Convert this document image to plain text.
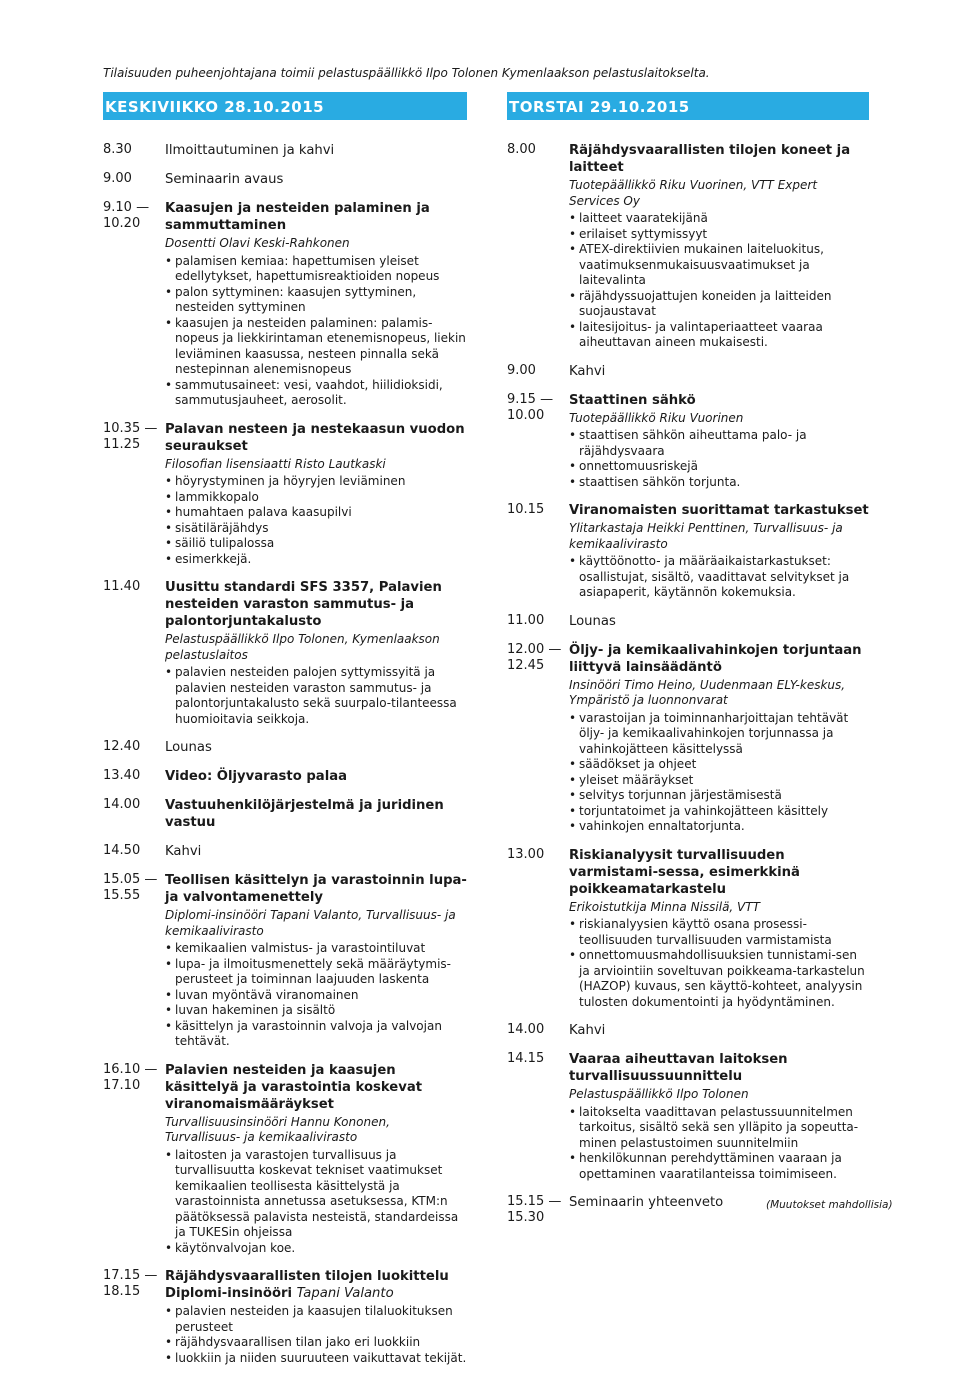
Tilaisuuden puheenjohtajana toimii pelastuspäällikkö Ilpo Tolonen Kymenlaakson pelastuslaitokselta.
KESKIVIIKKO 28.10.2015
8.30	Ilmoittautuminen ja kahvi
9.00	Seminaarin avaus
9.10 — 10.20
Kaasujen ja nesteiden palaminen ja sammuttaminen
Dosentti Olavi Keski-Rahkonen
• palamisen kemiaa: hapettumisen yleiset edellytykset, hapettumisreaktioiden nopeus
• palon syttyminen: kaasujen syttyminen, nesteiden syttyminen
• kaasujen ja nesteiden palaminen: palamis-nopeus ja liekkirintaman etenemisnopeus, liekin leviäminen kaasussa, nesteen pinnalla sekä nestepinnan alenemisnopeus
• sammutusaineet: vesi, vaahdot, hiilidioksidi, sammutusjauheet, aerosolit.
10.35 — 11.25
Palavan nesteen ja nestekaasun vuodon seuraukset
Filosofian lisensiaatti Risto Lautkaski
• höyrystyminen ja höyryjen leviäminen
• lammikkopalo
• humahtaen palava kaasupilvi
• sisätiläräjähdys
• säiliö tulipalossa
• esimerkkejä.
11.40	Uusittu standardi SFS 3357, Palavien nesteiden varaston sammutus- ja palontorjuntakalusto
Pelastuspäällikkö Ilpo Tolonen, Kymenlaakson pelastuslaitos
• palavien nesteiden palojen syttymissyitä ja palavien nesteiden varaston sammutus- ja palontorjuntakalusto sekä suurpalo-tilanteessa huomioitavia seikkoja.
12.40	Lounas
13.40	Video: Öljyvarasto palaa
14.00	Vastuuhenkilöjärjestelmä ja juridinen vastuu
14.50	Kahvi
15.05 — 15.55
Teollisen käsittelyn ja varastoinnin lupa- ja valvontamenettely
Diplomi-insinööri Tapani Valanto, Turvallisuus- ja kemikaalivirasto
• kemikaalien valmistus- ja varastointiluvat
• lupa- ja ilmoitusmenettely sekä määräytymis-perusteet ja toiminnan laajuuden laskenta
• luvan myöntävä viranomainen
• luvan hakeminen ja sisältö
• käsittelyn ja varastoinnin valvoja ja valvojan tehtävät.
16.10 — 17.10
Palavien nesteiden ja kaasujen käsittelyä ja varastointia koskevat viranomaismääräykset
Turvallisuusinsinööri Hannu Kononen, Turvallisuus- ja kemikaalivirasto
• laitosten ja varastojen turvallisuus ja turvallisuutta koskevat tekniset vaatimukset kemikaalien teollisesta käsittelystä ja varastoinnista annetussa asetuksessa, KTM:n päätöksessä palavista nesteistä, standardeissa ja TUKESin ohjeissa
• käytönvalvojan koe.
17.15 — 18.15
Räjähdysvaarallisten tilojen luokittelu
Diplomi-insinööri Tapani Valanto
• palavien nesteiden ja kaasujen tilaluokituksen perusteet
• räjähdysvaarallisen tilan jako eri luokkiin
• luokkiin ja niiden suuruuteen vaikuttavat tekijät.
TORSTAI 29.10.2015
8.00	Räjähdysvaarallisten tilojen koneet ja laitteet
Tuotepäällikkö Riku Vuorinen, VTT Expert Services Oy
• laitteet vaaratekijänä
• erilaiset syttymissyyt
• ATEX-direktiivien mukainen laiteluokitus, vaatimuksenmukaisuusvaatimukset ja laitevalinta
• räjähdyssuojattujen koneiden ja laitteiden suojaustavat
• laitesijoitus- ja valintaperiaatteet vaaraa aiheuttavan aineen mukaisesti.
9.00	Kahvi
9.15 — 10.00
Staattinen sähkö
Tuotepäällikkö Riku Vuorinen
• staattisen sähkön aiheuttama palo- ja räjähdysvaara
• onnettomuusriskejä
• staattisen sähkön torjunta.
10.15	Viranomaisten suorittamat tarkastukset
Ylitarkastaja Heikki Penttinen, Turvallisuus- ja kemikaalivirasto
• käyttöönotto- ja määräaikaistarkastukset: osallistujat, sisältö, vaadittavat selvitykset ja asiapaperit, käytännön kokemuksia.
11.00	Lounas
12.00 — 12.45
Öljy- ja kemikaalivahinkojen torjuntaan liittyvä lainsäädäntö
Insinööri Timo Heino, Uudenmaan ELY-keskus, Ympäristö ja luonnonvarat
• varastoijan ja toiminnanharjoittajan tehtävät öljy- ja kemikaalivahinkojen torjunnassa ja vahinkojätteen käsittelyssä
• säädökset ja ohjeet
• yleiset määräykset
• selvitys torjunnan järjestämisestä
• torjuntatoimet ja vahinkojätteen käsittely
• vahinkojen ennaltatorjunta.
13.00	Riskianalyysit turvallisuuden varmistami-sessa, esimerkkinä poikkeamatarkastelu
Erikoistutkija Minna Nissilä, VTT
• riskianalyysien käyttö osana prosessi-teollisuuden turvallisuuden varmistamista
• onnettomuusmahdollisuuksien tunnistami-sen ja arviointiin soveltuvan poikkeama-tarkastelun (HAZOP) kuvaus, sen käyttö-kohteet, analyysin tulosten dokumentointi ja hyödyntäminen.
14.00	Kahvi
14.15	Vaaraa aiheuttavan laitoksen turvallisuussuunnittelu
Pelastuspäällikkö Ilpo Tolonen
• laitokselta vaadittavan pelastussuunnitelmen tarkoitus, sisältö sekä sen ylläpito ja sopeutta-minen pelastustoimen suunnitelmiin
• henkilökunnan perehdyttäminen vaaraan ja opettaminen vaaratilanteissa toimimiseen.
15.15 — 15.30
Seminaarin yhteenveto	(Muutokset mahdollisia)
